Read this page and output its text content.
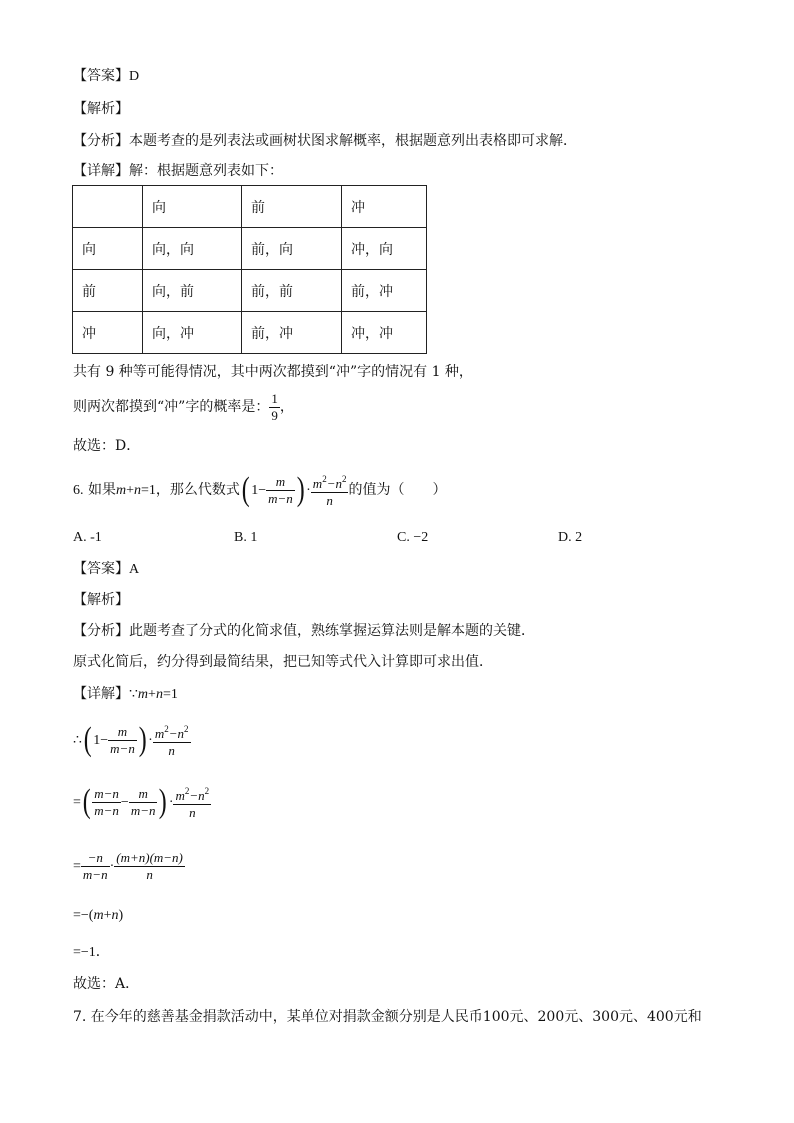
【答案】D
【解析】
【分析】本题考查的是列表法或画树状图求解概率，根据题意列出表格即可求解．
【详解】解：根据题意列表如下：
	向	前	冲
向	向，向	前，向	冲，向
前	向，前	前，前	前，冲
冲	向，冲	前，冲	冲，冲
共有 9 种等可能得情况，其中两次都摸到“冲”字的情况有 1 种，
则两次都摸到“冲”字的概率是： $\frac{1}{9}$ ，
故选：D．
6. 如果m+n=1，那么代数式( $1- \frac{m}{m-n}$ ) · $\frac{m^2-n^2}{n}$ 的值为（　　）
A. -1	B. 1	C. −2	D. 2
【答案】A
【解析】
【分析】此题考查了分式的化简求值，熟练掌握运算法则是解本题的关键．
原式化简后，约分得到最简结果，把已知等式代入计算即可求出值．
【详解】∵m+n=1
∴( $1- \frac{m}{m-n}$ ) · $\frac{m^2-n^2}{n}$
=( $\frac{m-n}{m-n} - \frac{m}{m-n}$ ) · $\frac{m^2-n^2}{n}$
= $\frac{-n}{m-n} \cdot \frac{(m+n)(m-n)}{n}$
=−(m+n)
=−1．
故选：A．
7. 在今年的慈善基金捐款活动中，某单位对捐款金额分别是人民币100元、200元、300元、400元和
